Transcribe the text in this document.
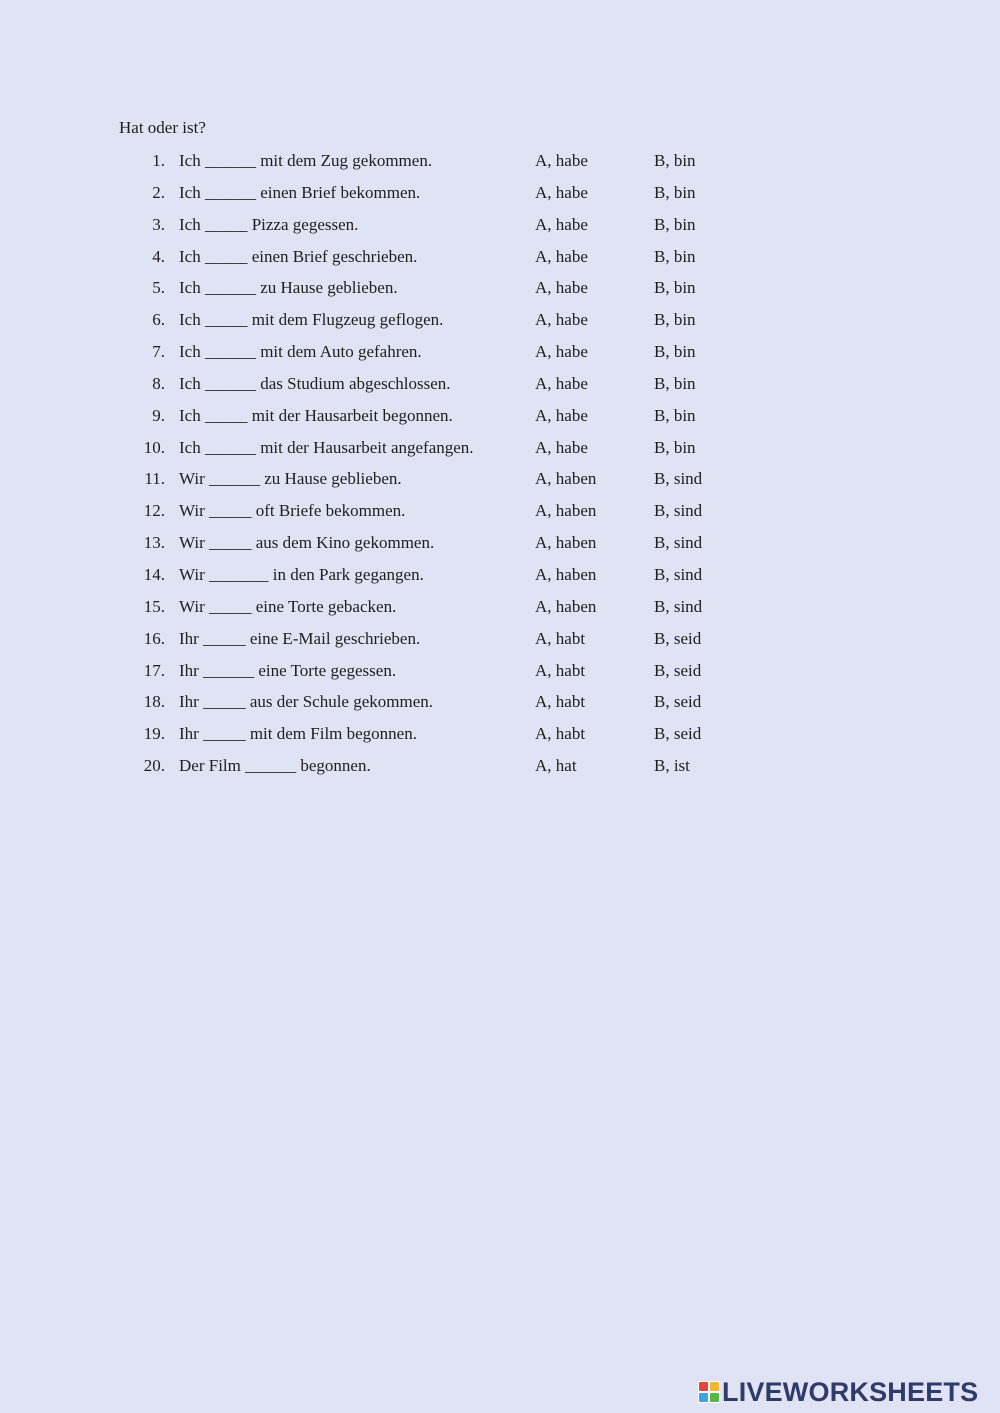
Hat oder ist?
1. Ich ______ mit dem Zug gekommen.	A, habe	B, bin
2. Ich ______ einen Brief bekommen.	A, habe	B, bin
3. Ich _____ Pizza gegessen.	A, habe	B, bin
4. Ich _____ einen Brief geschrieben.	A, habe	B, bin
5. Ich ______ zu Hause geblieben.	A, habe	B, bin
6. Ich _____ mit dem Flugzeug geflogen.	A, habe	B, bin
7. Ich ______ mit dem Auto gefahren.	A, habe	B, bin
8. Ich ______ das Studium abgeschlossen.	A, habe	B, bin
9. Ich _____ mit der Hausarbeit begonnen.	A, habe	B, bin
10. Ich ______ mit der Hausarbeit angefangen.	A, habe	B, bin
11. Wir ______ zu Hause geblieben.	A, haben	B, sind
12. Wir _____ oft Briefe bekommen.	A, haben	B, sind
13. Wir _____ aus dem Kino gekommen.	A, haben	B, sind
14. Wir _______ in den Park gegangen.	A, haben	B, sind
15. Wir _____ eine Torte gebacken.	A, haben	B, sind
16. Ihr _____ eine E-Mail geschrieben.	A, habt	B, seid
17. Ihr ______ eine Torte gegessen.	A, habt	B, seid
18. Ihr _____ aus der Schule gekommen.	A, habt	B, seid
19. Ihr _____ mit dem Film begonnen.	A, habt	B, seid
20. Der Film ______ begonnen.	A, hat	B, ist
LIVEWORKSHEETS
